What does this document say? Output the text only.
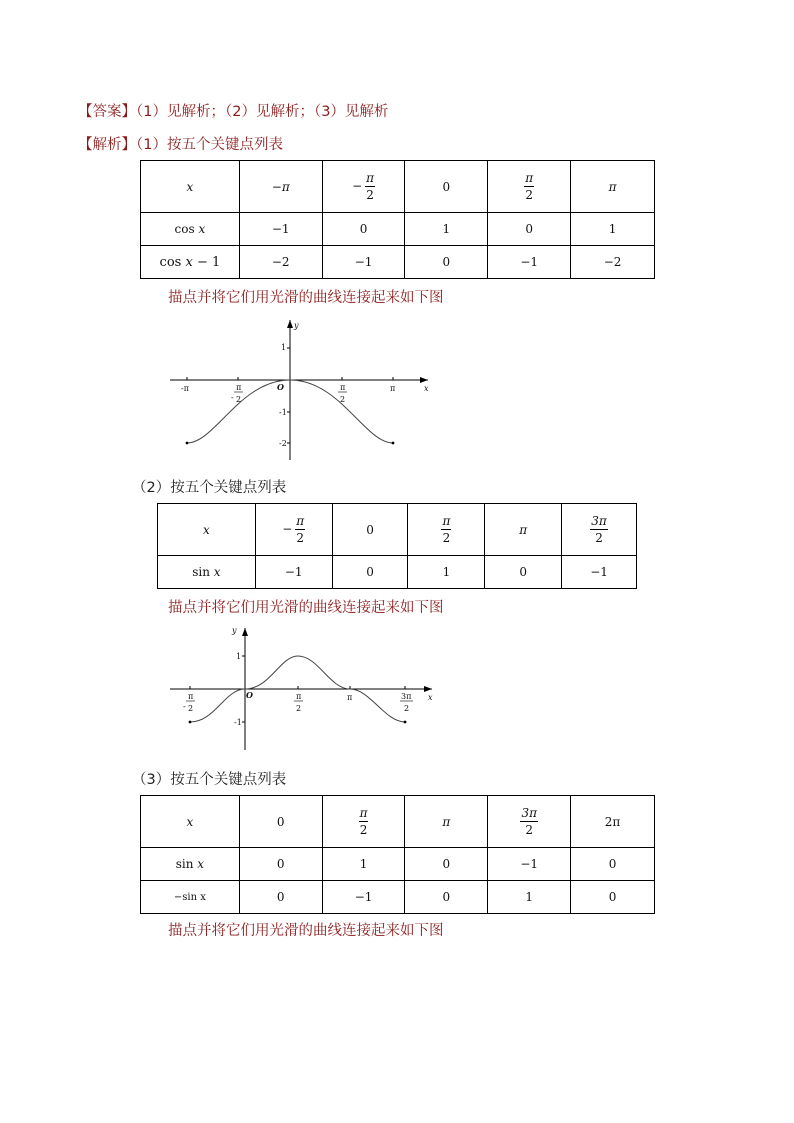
【答案】（1）见解析；（2）见解析；（3）见解析
【解析】（1）按五个关键点列表
x	−π	− $\frac{\pi}{2}$	0	$\frac{\pi}{2}$	π
cos x	−1	0	1	0	1
cos x − 1	−2	−1	0	−1	−2
描点并将它们用光滑的曲线连接起来如下图
y
x
O
1
-1
-2
-π	π
- 2
π
2
π
（2）按五个关键点列表
x	− $\frac{\pi}{2}$	0	$\frac{\pi}{2}$	π	$\frac{3\pi}{2}$

sin x	−1	0	1	0	−1
描点并将它们用光滑的曲线连接起来如下图
y
x
O
1
-1
π
- 2
π
2
π	3π
2
（3）按五个关键点列表
x	0	$\frac{\pi}{2}$	π	$\frac{3\pi}{2}$	2π
sin x	0	1	0	−1	0
−sin x	0	−1	0	1	0
描点并将它们用光滑的曲线连接起来如下图
